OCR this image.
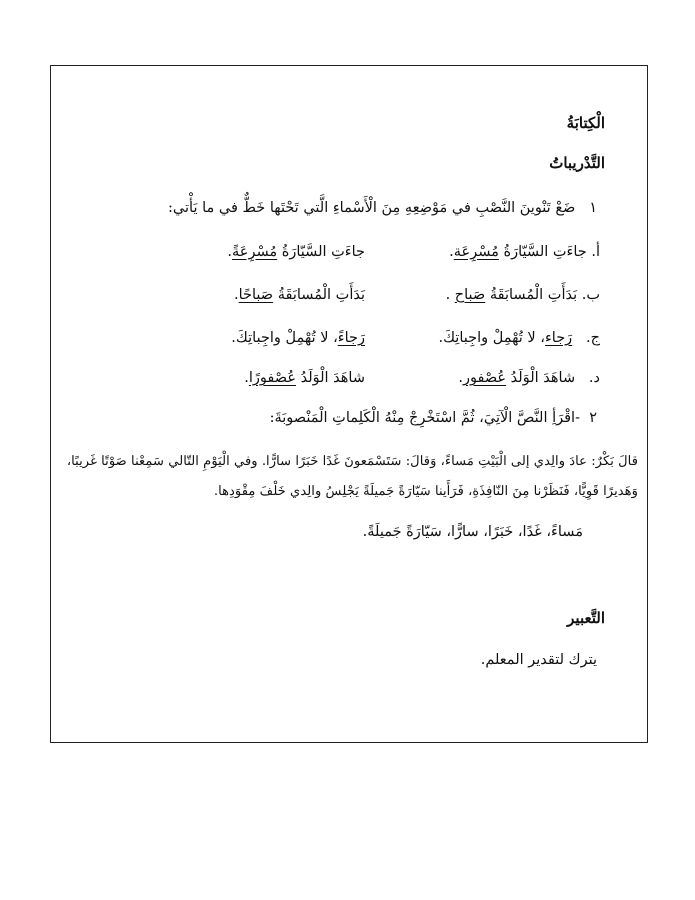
الْكِتابَةُ
التَّدْريباتُ
١   ضَعْ تَنْوينَ النَّصْبِ في مَوْضِعِهِ مِنَ الْأَسْماءِ الَّتي تَحْتَها خَطٌّ في ما يَأْتي:
أ. جاءَتِ السَّيّارَةُ مُسْرِعَة.
جاءَتِ السَّيّارَةُ مُسْرِعَةً.
ب. بَدَأَتِ الْمُسابَقَةُ صَباح .
بَدَأَتِ الْمُسابَقَةُ صَباحًا.
ج.   رَجاء، لا تُهْمِلْ واجِباتِكَ.
رَجاءً، لا تُهْمِلْ واجِباتِكَ.
د.   شاهَدَ الْوَلَدُ عُصْفور.
شاهَدَ الْوَلَدُ عُصْفورًا.
٢  -اقْرَأِ النَّصَّ الْآتِيَ، ثُمَّ اسْتَخْرِجْ مِنْهُ الْكَلِماتِ الْمَنْصوبَةَ:
قالَ بَكْرٌ: عادَ والِدي إلى الْبَيْتِ مَساءً، وَقالَ: سَتَسْمَعونَ غَدًا خَبَرًا سارًّا. وفي الْيَوْمِ التّالي سَمِعْنا صَوْتًا غَريبًا،
وَهَديرًا قَوِيًّا، فَنَظَرْنا مِنَ النّافِذَةِ، فَرَأَينا سَيّارَةً جَميلَةً يَجْلِسُ والِدي خَلْفَ مِقْوَدِها.
مَساءً، غَدًا، خَبَرًا، سارًّا، سَيّارَةً جَميلَةً.
التَّعبير
يترك لتقدير المعلم.
